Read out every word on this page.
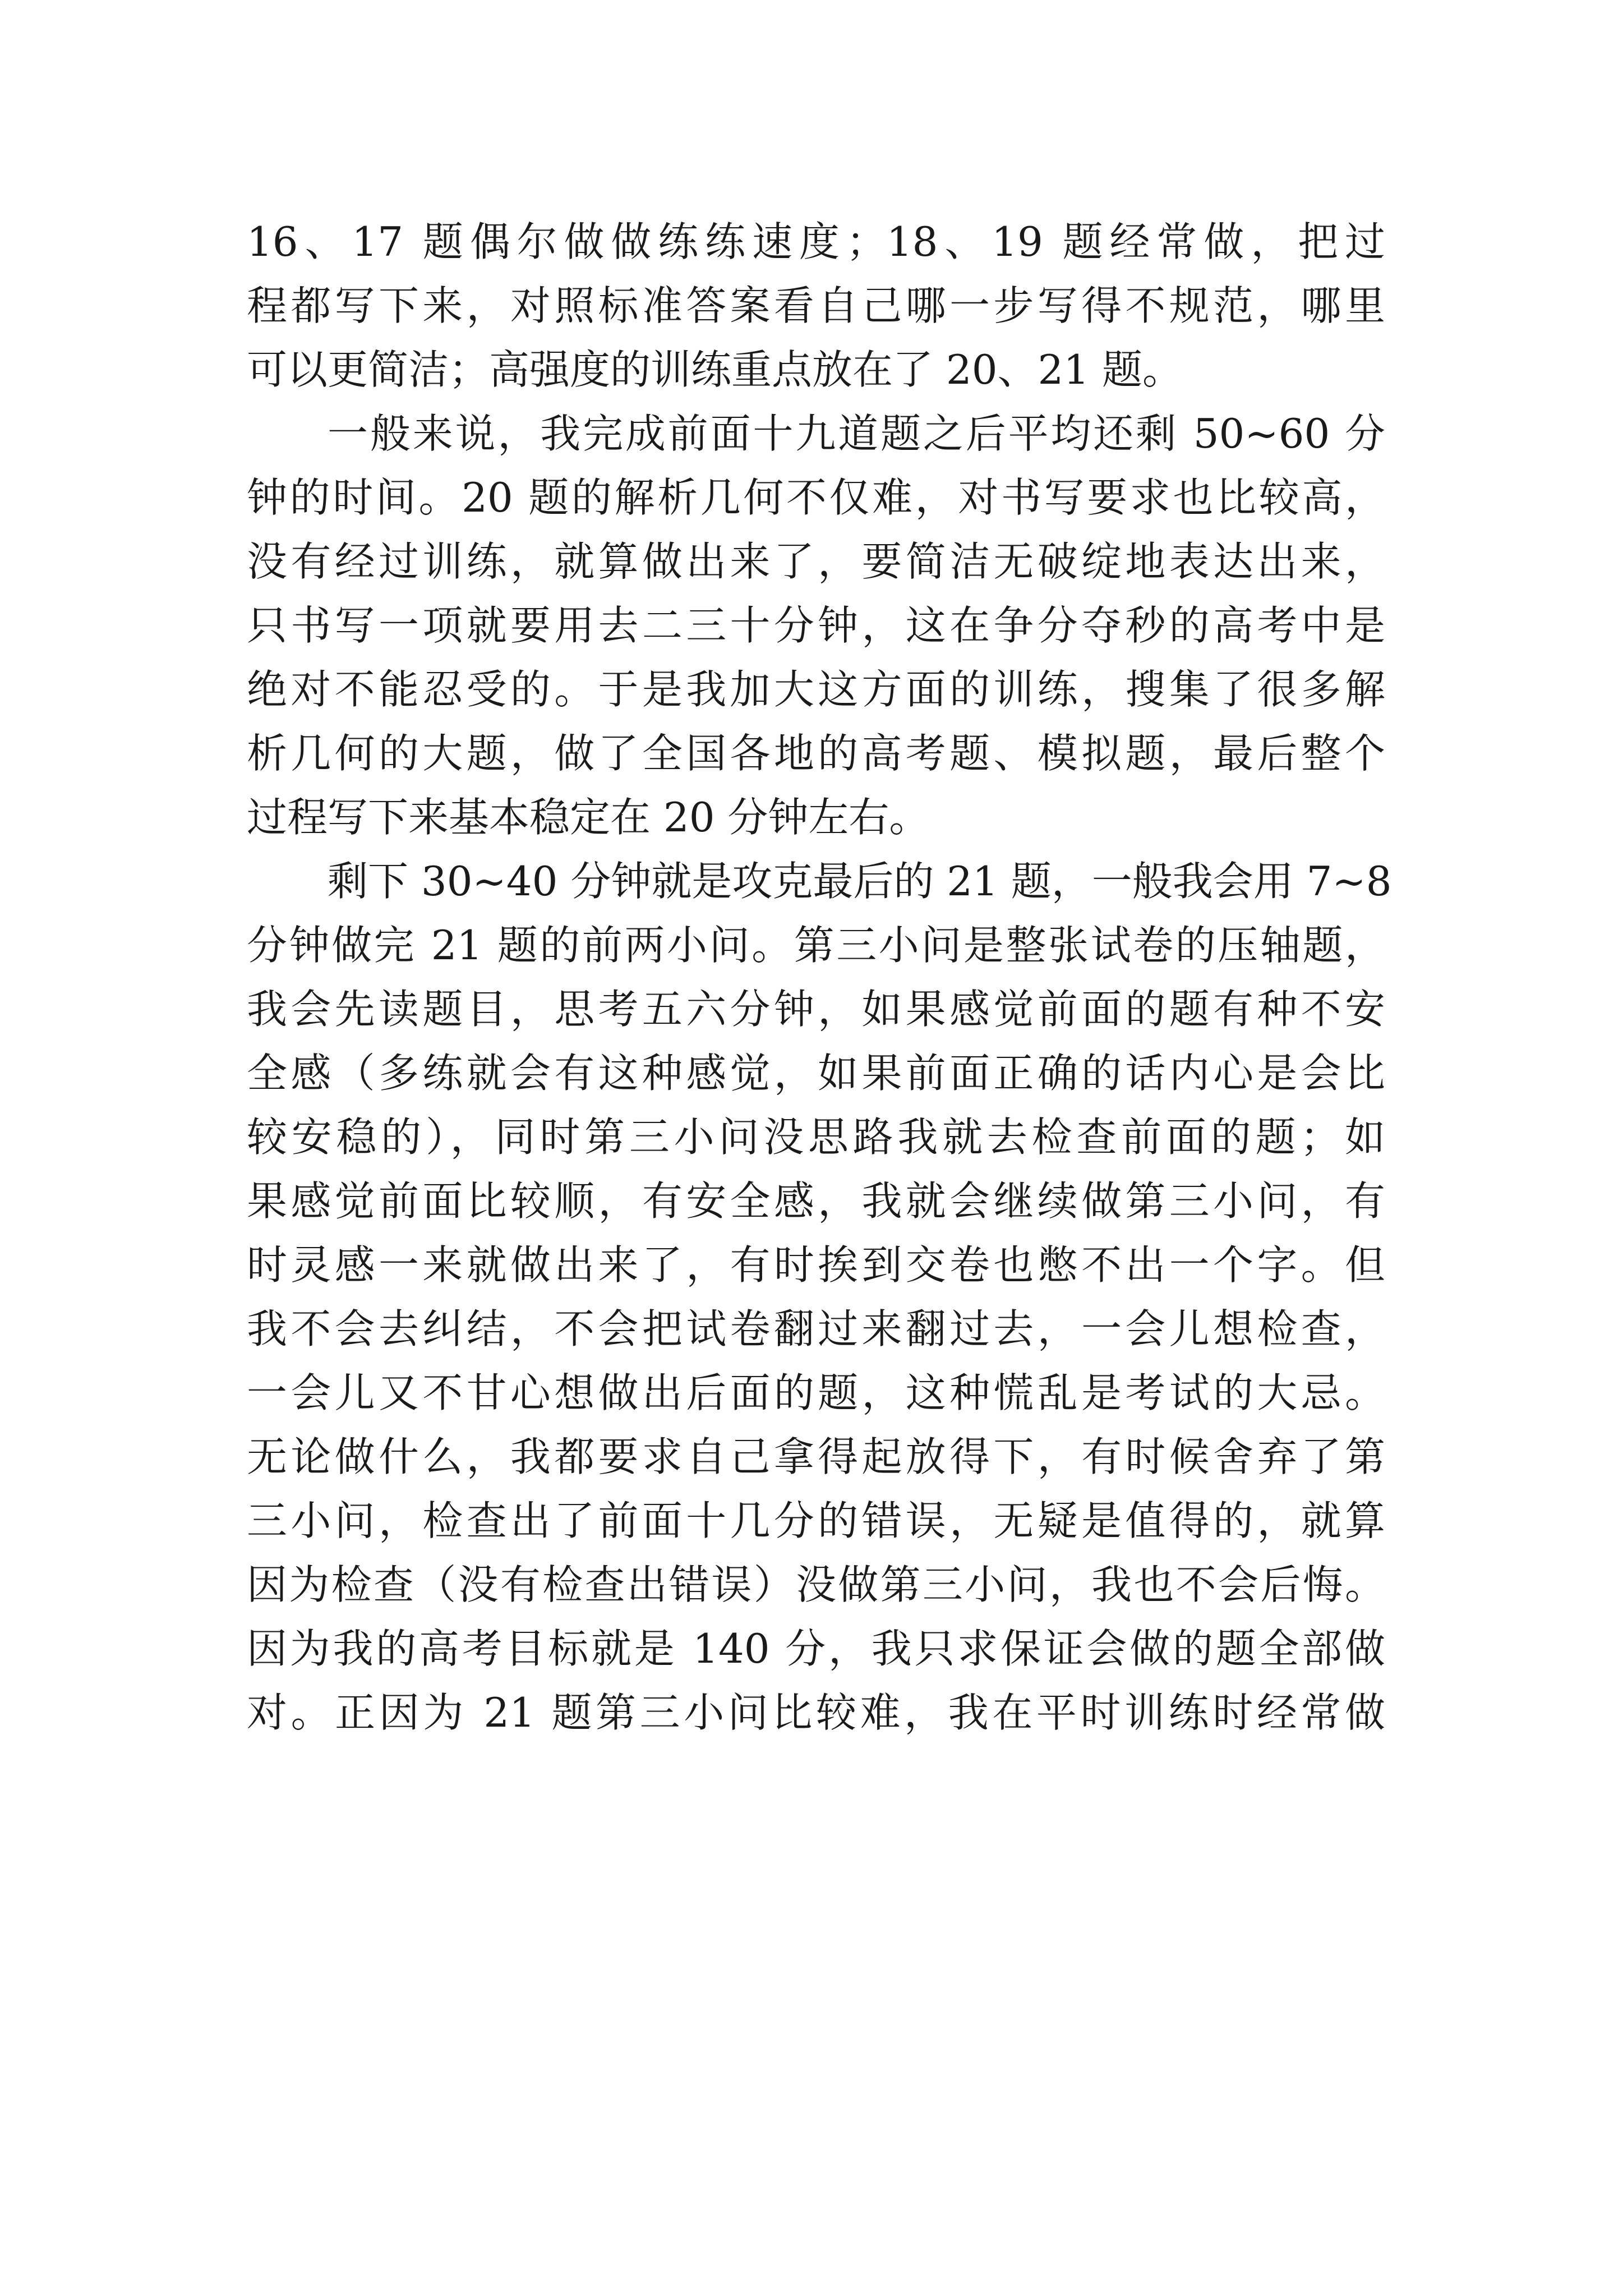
16、17 题偶尔做做练练速度；18、19 题经常做，把过
程都写下来，对照标准答案看自己哪一步写得不规范，哪里
可以更简洁；高强度的训练重点放在了 20、21 题。
一般来说，我完成前面十九道题之后平均还剩 50~60 分
钟的时间。20 题的解析几何不仅难，对书写要求也比较高，
没有经过训练，就算做出来了，要简洁无破绽地表达出来，
只书写一项就要用去二三十分钟，这在争分夺秒的高考中是
绝对不能忍受的。于是我加大这方面的训练，搜集了很多解
析几何的大题，做了全国各地的高考题、模拟题，最后整个
过程写下来基本稳定在 20 分钟左右。
剩下 30~40 分钟就是攻克最后的 21 题，一般我会用 7~8
分钟做完 21 题的前两小问。第三小问是整张试卷的压轴题，
我会先读题目，思考五六分钟，如果感觉前面的题有种不安
全感（多练就会有这种感觉，如果前面正确的话内心是会比
较安稳的），同时第三小问没思路我就去检查前面的题；如
果感觉前面比较顺，有安全感，我就会继续做第三小问，有
时灵感一来就做出来了，有时挨到交卷也憋不出一个字。但
我不会去纠结，不会把试卷翻过来翻过去，一会儿想检查，
一会儿又不甘心想做出后面的题，这种慌乱是考试的大忌。
无论做什么，我都要求自己拿得起放得下，有时候舍弃了第
三小问，检查出了前面十几分的错误，无疑是值得的，就算
因为检查（没有检查出错误）没做第三小问，我也不会后悔。
因为我的高考目标就是 140 分，我只求保证会做的题全部做
对。正因为 21 题第三小问比较难，我在平时训练时经常做
